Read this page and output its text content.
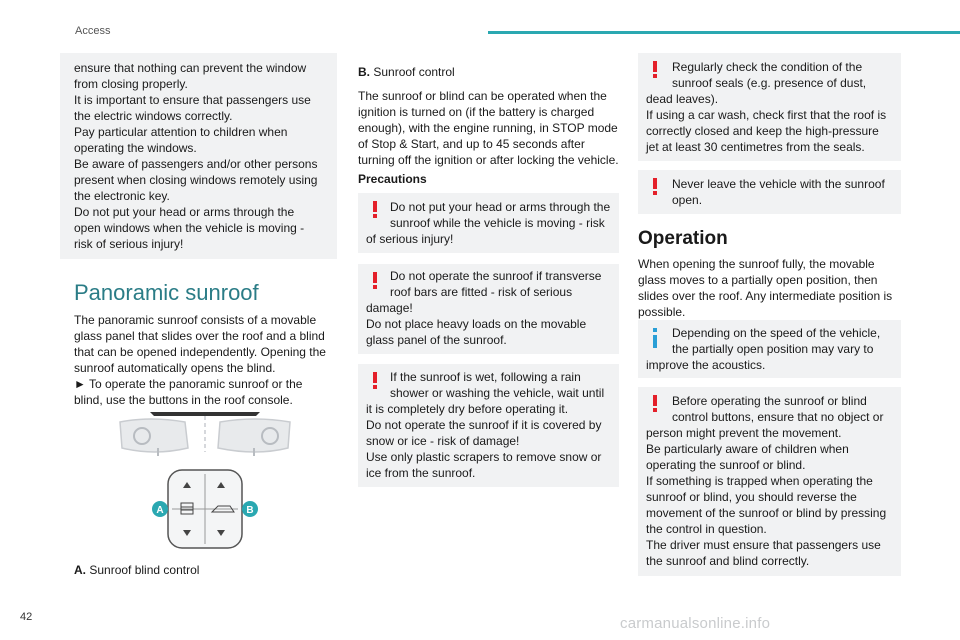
Access
ensure that nothing can prevent the window
from closing properly.
It is important to ensure that passengers use
the electric windows correctly.
Pay particular attention to children when
operating the windows.
Be aware of passengers and/or other persons
present when closing windows remotely using
the electronic key.
Do not put your head or arms through the
open windows when the vehicle is moving -
risk of serious injury!
Panoramic sunroof
The panoramic sunroof consists of a movable
glass panel that slides over the roof and a blind
that can be opened independently. Opening the
sunroof automatically opens the blind.
► To operate the panoramic sunroof or the
blind, use the buttons in the roof console.
A	B
A. Sunroof blind control
B. Sunroof control
The sunroof or blind can be operated when the
ignition is turned on (if the battery is charged
enough), with the engine running, in STOP mode
of Stop & Start, and up to 45 seconds after
turning off the ignition or after locking the vehicle.
Precautions
Do not put your head or arms through the
sunroof while the vehicle is moving - risk
of serious injury!
Do not operate the sunroof if transverse
roof bars are fitted - risk of serious
damage!
Do not place heavy loads on the movable
glass panel of the sunroof.
If the sunroof is wet, following a rain
shower or washing the vehicle, wait until
it is completely dry before operating it.
Do not operate the sunroof if it is covered by
snow or ice - risk of damage!
Use only plastic scrapers to remove snow or
ice from the sunroof.
Regularly check the condition of the
sunroof seals (e.g. presence of dust,
dead leaves).
If using a car wash, check first that the roof is
correctly closed and keep the high-pressure
jet at least 30 centimetres from the seals.
Never leave the vehicle with the sunroof
open.
Operation
When opening the sunroof fully, the movable
glass moves to a partially open position, then
slides over the roof. Any intermediate position is
possible.
Depending on the speed of the vehicle,
the partially open position may vary to
improve the acoustics.
Before operating the sunroof or blind
control buttons, ensure that no object or
person might prevent the movement.
Be particularly aware of children when
operating the sunroof or blind.
If something is trapped when operating the
sunroof or blind, you should reverse the
movement of the sunroof or blind by pressing
the control in question.
The driver must ensure that passengers use
the sunroof and blind correctly.
42	carmanualsonline.info
